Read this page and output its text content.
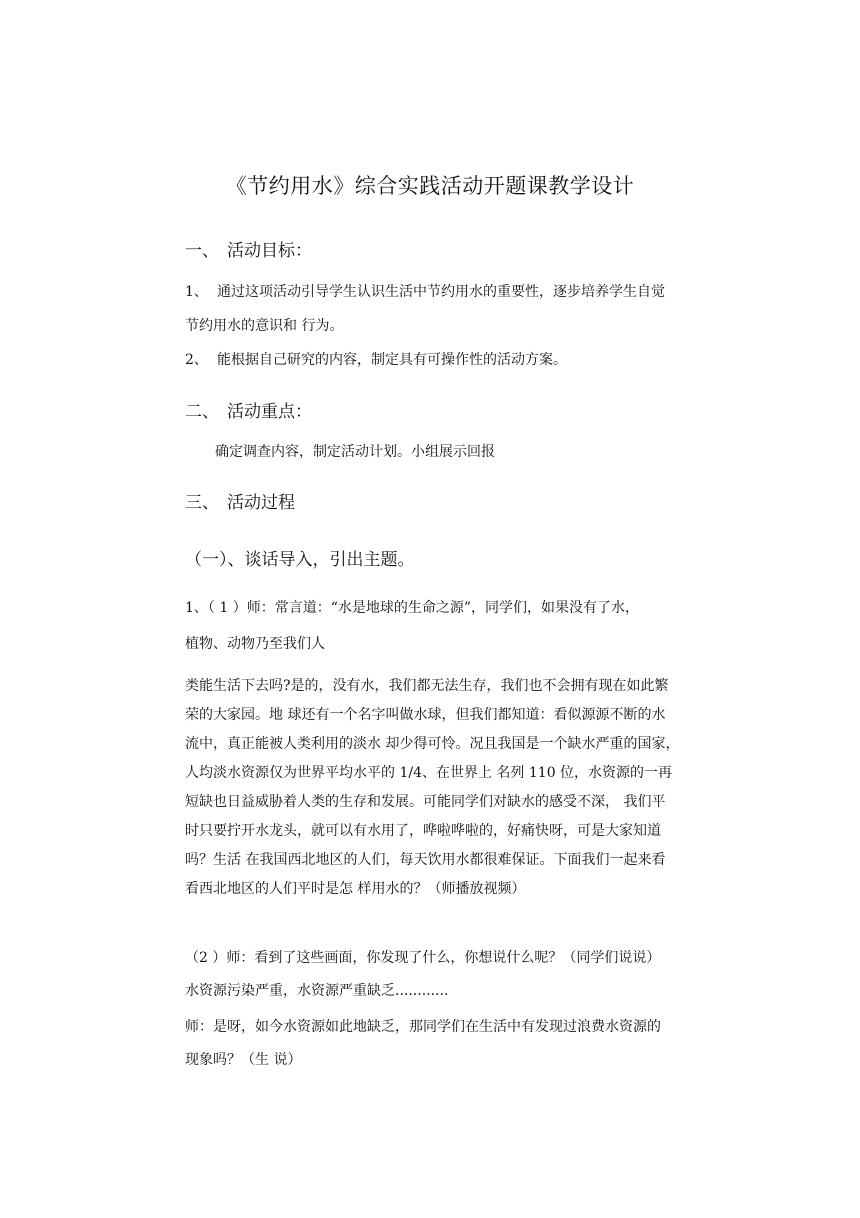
《节约用水》综合实践活动开题课教学设计
一、 活动目标：
1、 通过这项活动引导学生认识生活中节约用水的重要性，逐步培养学生自觉
节约用水的意识和 行为。
2、 能根据自己研究的内容，制定具有可操作性的活动方案。
二、 活动重点：
确定调查内容，制定活动计划。小组展示回报
三、 活动过程
（一）、谈话导入，引出主题。
1、（ 1 ）师：常言道：“水是地球的生命之源”，同学们，如果没有了水，
植物、动物乃至我们人
类能生活下去吗?是的，没有水，我们都无法生存，我们也不会拥有现在如此繁
荣的大家园。地 球还有一个名字叫做水球，但我们都知道：看似源源不断的水
流中，真正能被人类利用的淡水 却少得可怜。况且我国是一个缺水严重的国家，
人均淡水资源仅为世界平均水平的 1/4、在世界上 名列 110 位，水资源的一再
短缺也日益威胁着人类的生存和发展。可能同学们对缺水的感受不深， 我们平
时只要拧开水龙头，就可以有水用了，哗啦哗啦的，好痛快呀，可是大家知道
吗？生活 在我国西北地区的人们，每天饮用水都很难保证。下面我们一起来看
看西北地区的人们平时是怎 样用水的？（师播放视频）
（2 ）师：看到了这些画面，你发现了什么，你想说什么呢？（同学们说说）
水资源污染严重，水资源严重缺乏............
师：是呀，如今水资源如此地缺乏，那同学们在生活中有发现过浪费水资源的
现象吗？（生 说）
